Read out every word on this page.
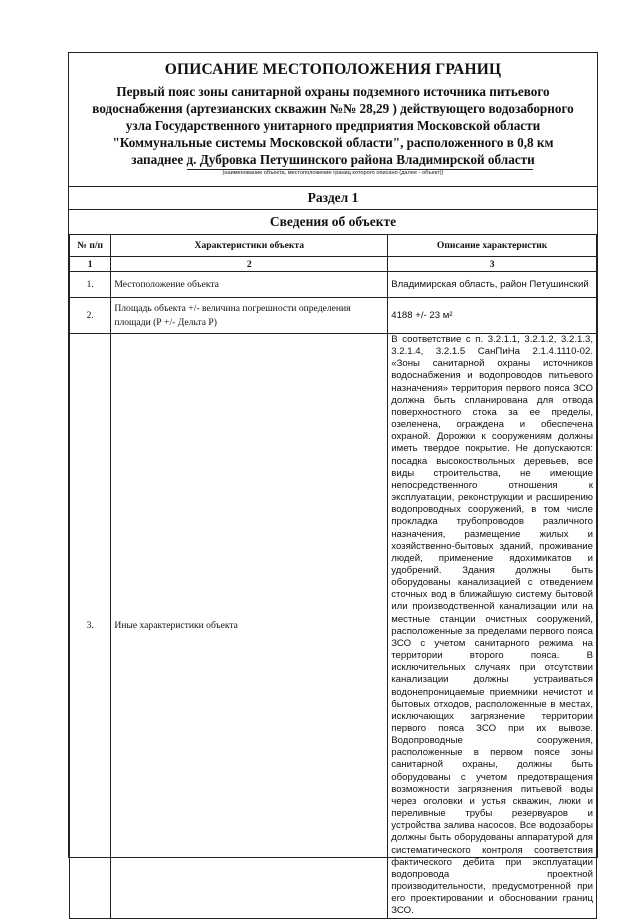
ОПИСАНИЕ МЕСТОПОЛОЖЕНИЯ ГРАНИЦ
Первый пояс зоны санитарной охраны подземного источника питьевого
водоснабжения (артезианских скважин №№ 28,29 ) действующего водозаборного
узла Государственного унитарного предприятия Московской области
"Коммунальные системы Московской области", расположенного в 0,8 км
западнее д. Дубровка Петушинского района Владимирской области
(наименование объекта, местоположение границ которого описано (далее - объект))
Раздел 1
Сведения об объекте
№ п/п	Характеристики объекта	Описание характеристик
1	2	3
1.	Местоположение объекта	Владимирская область, район Петушинский
2.	Площадь объекта +/- величина погрешности определения площади (Р +/- Дельта Р)	4188 +/- 23 м²
3.	Иные характеристики объекта	В соответствие с п. 3.2.1.1, 3.2.1.2, 3.2.1.3, 3.2.1.4, 3.2.1.5 СанПиНа 2.1.4.1110-02. «Зоны санитарной охраны источников водоснабжения и водопроводов питьевого назначения» территория первого пояса ЗСО должна быть спланирована для отвода поверхностного стока за ее пределы, озеленена, ограждена и обеспечена охраной. Дорожки к сооружениям должны иметь твердое покрытие. Не допускаются: посадка высокоствольных деревьев, все виды строительства, не имеющие непосредственного отношения к эксплуатации, реконструкции и расширению водопроводных сооружений, в том числе прокладка трубопроводов различного назначения, размещение жилых и хозяйственно-бытовых зданий, проживание людей, применение ядохимикатов и удобрений. Здания должны быть оборудованы канализацией с отведением сточных вод в ближайшую систему бытовой или производственной канализации или на местные станции очистных сооружений, расположенные за пределами первого пояса ЗСО с учетом санитарного режима на территории второго пояса. В исключительных случаях при отсутствии канализации должны устраиваться водонепроницаемые приемники нечистот и бытовых отходов, расположенные в местах, исключающих загрязнение территории первого пояса ЗСО при их вывозе. Водопроводные сооружения, расположенные в первом поясе зоны санитарной охраны, должны быть оборудованы с учетом предотвращения возможности загрязнения питьевой воды через оголовки и устья скважин, люки и переливные трубы резервуаров и устройства залива насосов. Все водозаборы должны быть оборудованы аппаратурой для систематического контроля соответствия фактического дебита при эксплуатации водопровода проектной производительности, предусмотренной при его проектировании и обосновании границ ЗСО.
